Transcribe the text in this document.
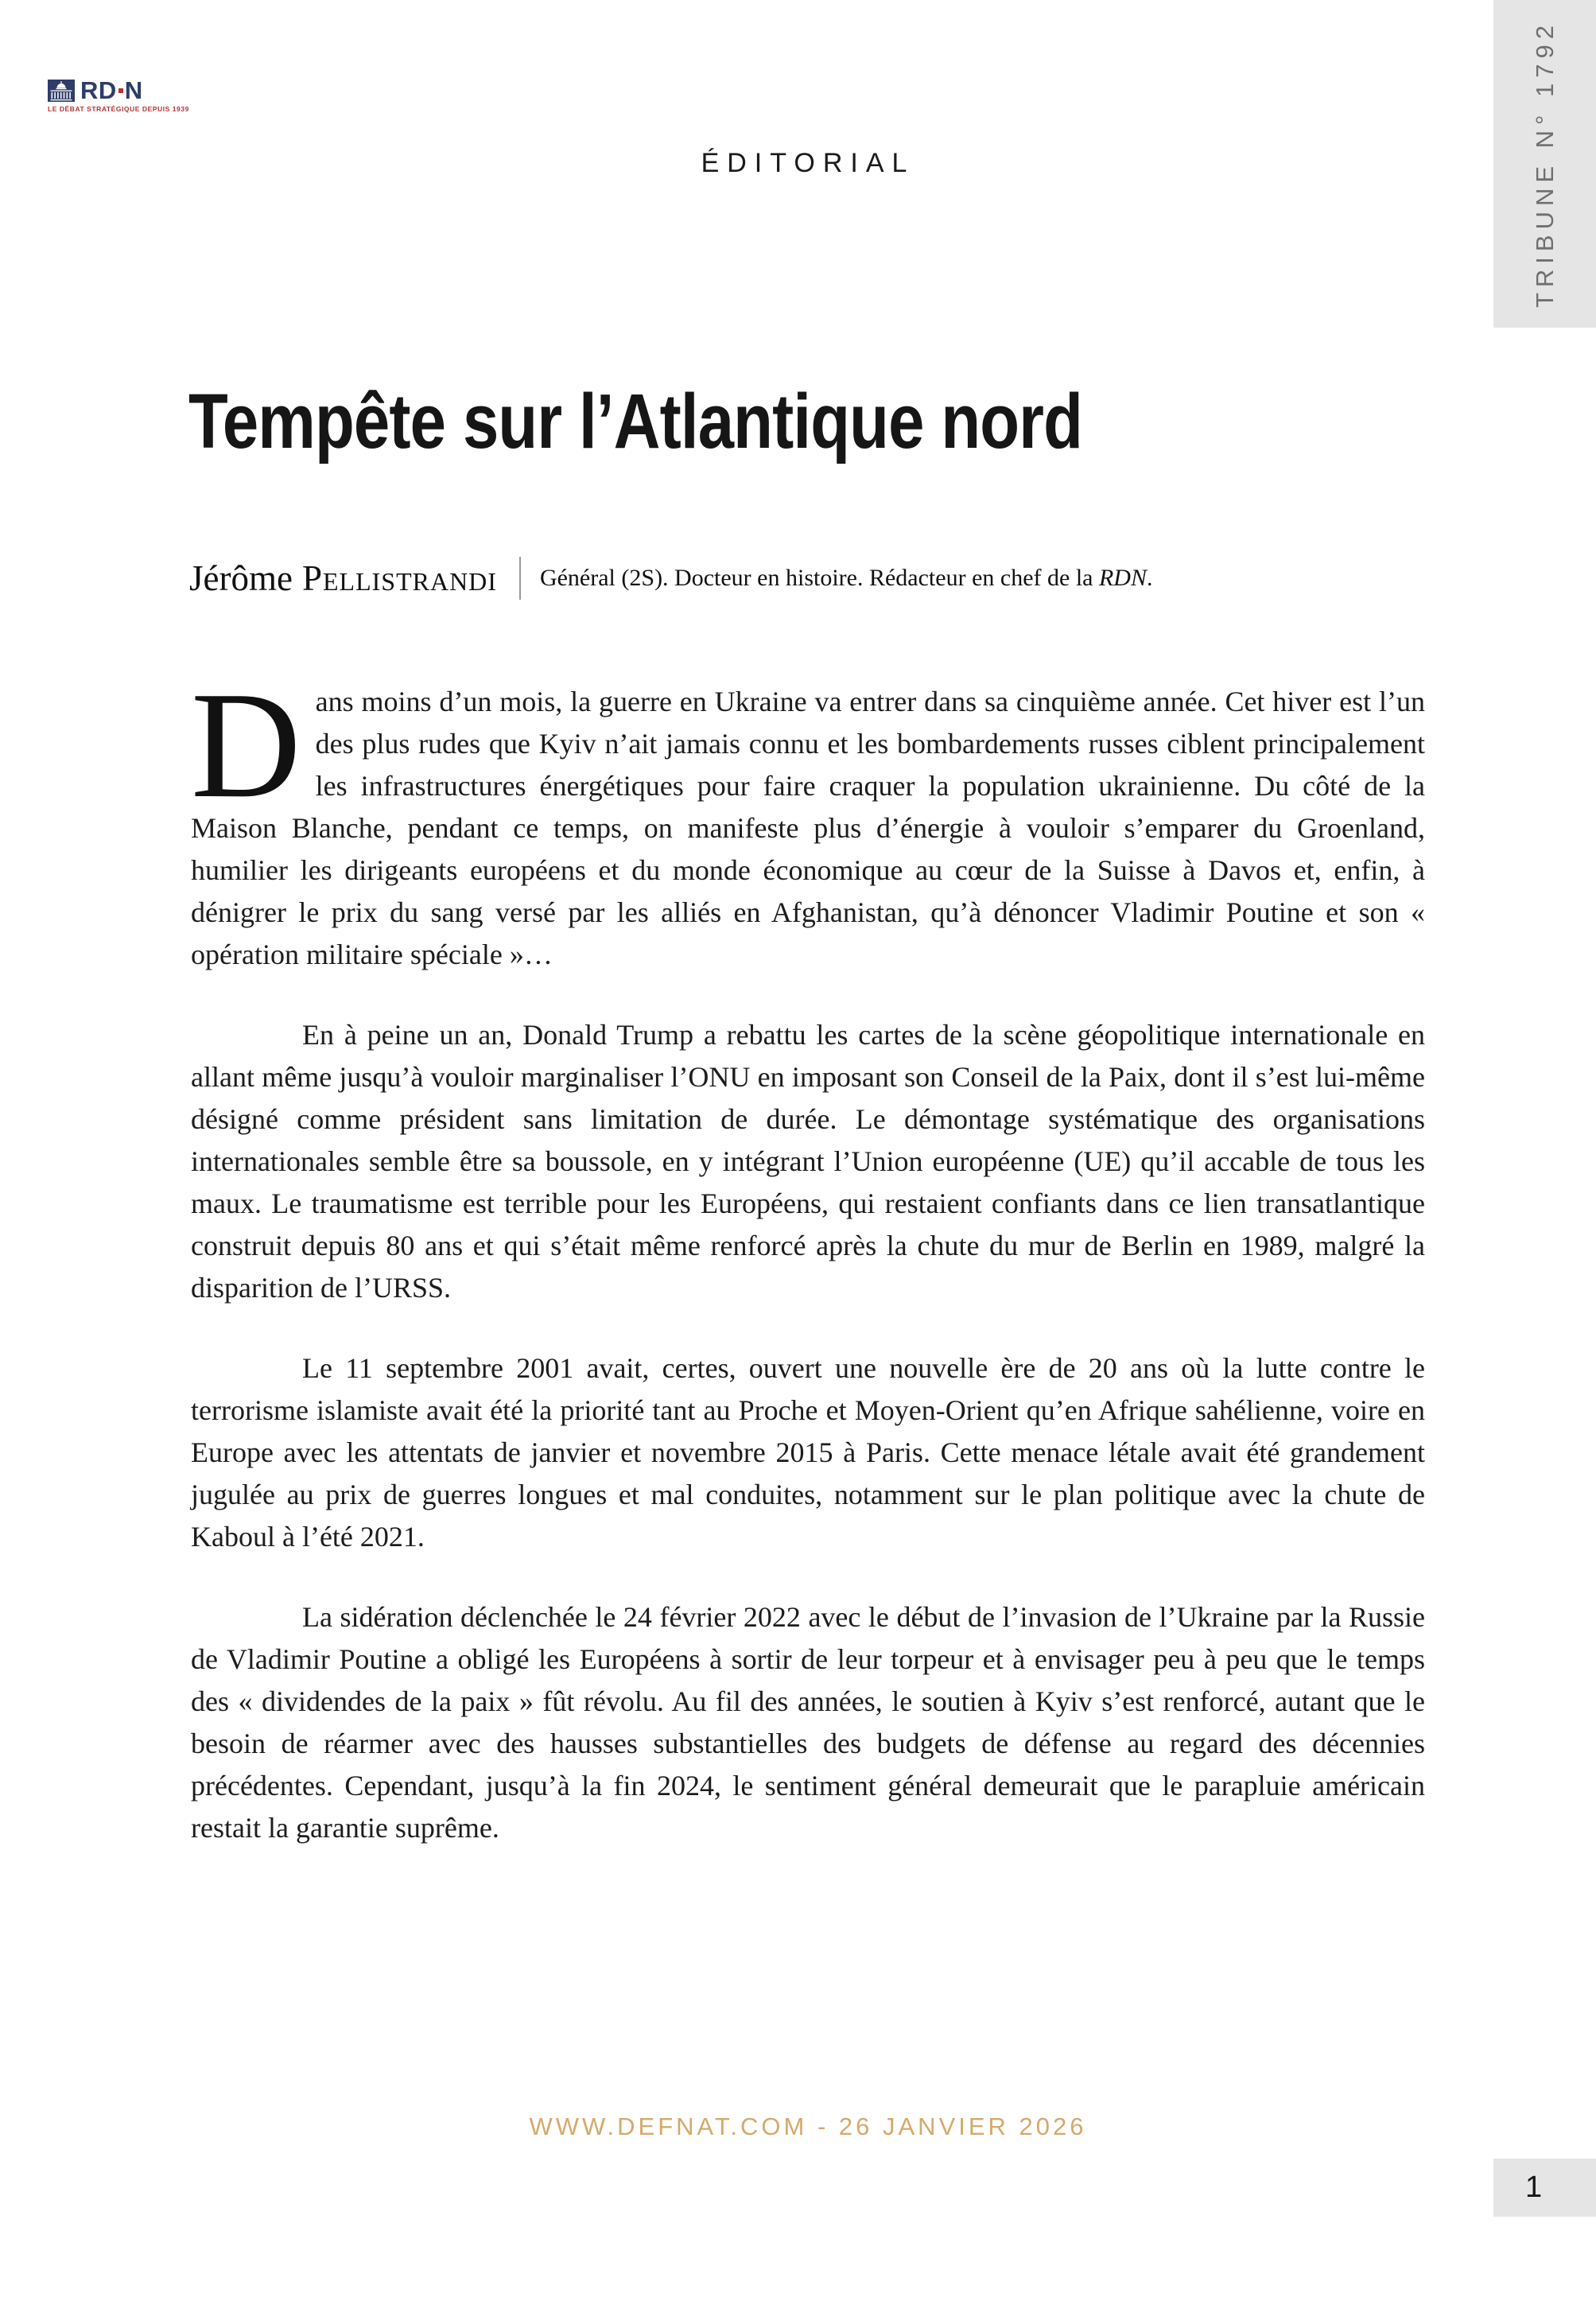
TRIBUNE N° 1792
RD N
LE DÉBAT STRATÉGIQUE DEPUIS 1939
ÉDITORIAL
Tempête sur l’Atlantique nord
Jérôme Pellistrandi Général (2S). Docteur en histoire. Rédacteur en chef de la RDN.

Dans moins d’un mois, la guerre en Ukraine va entrer dans sa cinquième année. Cet hiver est l’un des plus rudes que Kyiv n’ait jamais connu et les bombardements russes ciblent principalement les infrastructures énergétiques pour faire craquer la population ukrainienne. Du côté de la Maison Blanche, pendant ce temps, on manifeste plus d’énergie à vouloir s’emparer du Groenland, humilier les dirigeants européens et du monde économique au cœur de la Suisse à Davos et, enfin, à dénigrer le prix du sang versé par les alliés en Afghanistan, qu’à dénoncer Vladimir Poutine et son « opération militaire spéciale »…

En à peine un an, Donald Trump a rebattu les cartes de la scène géopolitique internationale en allant même jusqu’à vouloir marginaliser l’ONU en imposant son Conseil de la Paix, dont il s’est lui-même désigné comme président sans limitation de durée. Le démontage systématique des organisations internationales semble être sa boussole, en y intégrant l’Union européenne (UE) qu’il accable de tous les maux. Le traumatisme est terrible pour les Européens, qui restaient confiants dans ce lien transatlantique construit depuis 80 ans et qui s’était même renforcé après la chute du mur de Berlin en 1989, malgré la disparition de l’URSS.

Le 11 septembre 2001 avait, certes, ouvert une nouvelle ère de 20 ans où la lutte contre le terrorisme islamiste avait été la priorité tant au Proche et Moyen-Orient qu’en Afrique sahélienne, voire en Europe avec les attentats de janvier et novembre 2015 à Paris. Cette menace létale avait été grandement jugulée au prix de guerres longues et mal conduites, notamment sur le plan politique avec la chute de Kaboul à l’été 2021.

La sidération déclenchée le 24 février 2022 avec le début de l’invasion de l’Ukraine par la Russie de Vladimir Poutine a obligé les Européens à sortir de leur torpeur et à envisager peu à peu que le temps des « dividendes de la paix » fût révolu. Au fil des années, le soutien à Kyiv s’est renforcé, autant que le besoin de réarmer avec des hausses substantielles des budgets de défense au regard des décennies précédentes. Cependant, jusqu’à la fin 2024, le sentiment général demeurait que le parapluie américain restait la garantie suprême.

WWW.DEFNAT.COM - 26 JANVIER 2026
1
